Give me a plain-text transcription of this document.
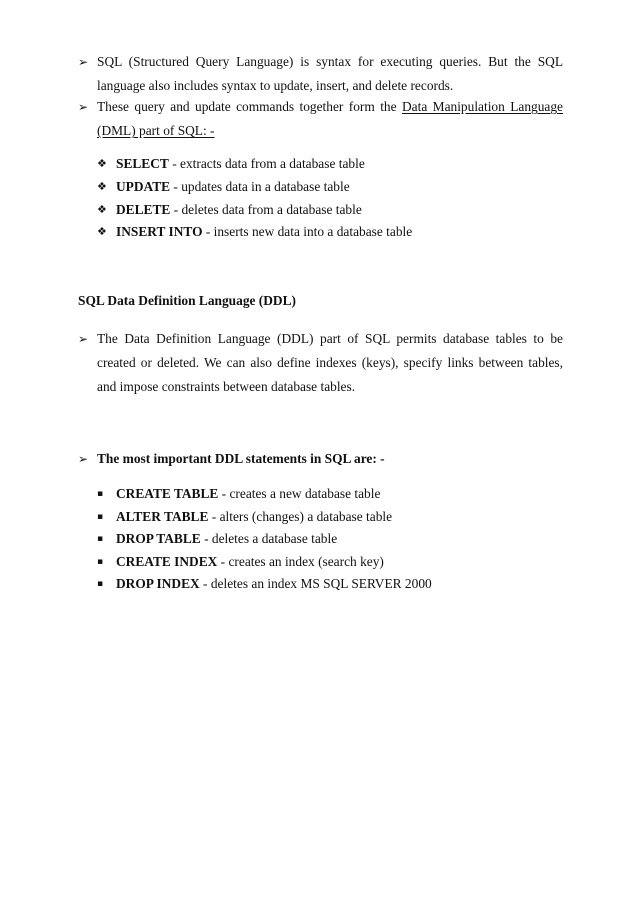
➢ SQL (Structured Query Language) is syntax for executing queries. But the SQL language also includes syntax to update, insert, and delete records.
➢ These query and update commands together form the Data Manipulation Language (DML) part of SQL: -
❖ SELECT - extracts data from a database table
❖ UPDATE - updates data in a database table
❖ DELETE - deletes data from a database table
❖ INSERT INTO - inserts new data into a database table
SQL Data Definition Language (DDL)
➢ The Data Definition Language (DDL) part of SQL permits database tables to be created or deleted. We can also define indexes (keys), specify links between tables, and impose constraints between database tables.
➢ The most important DDL statements in SQL are: -
▪ CREATE TABLE - creates a new database table
▪ ALTER TABLE - alters (changes) a database table
▪ DROP TABLE - deletes a database table
▪ CREATE INDEX - creates an index (search key)
▪ DROP INDEX - deletes an index MS SQL SERVER 2000
